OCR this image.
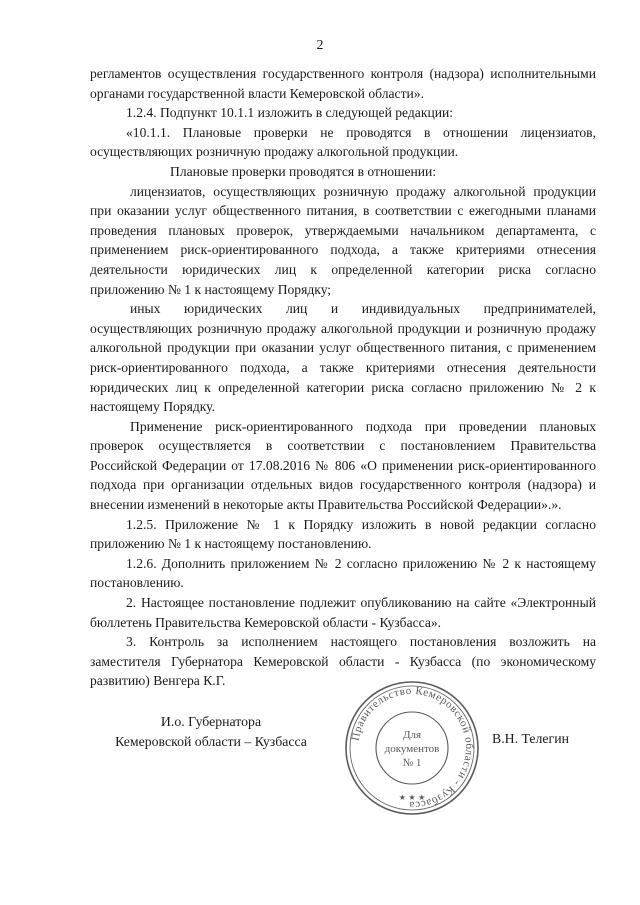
2

регламентов осуществления государственного контроля (надзора) исполнительными органами государственной власти Кемеровской области».

1.2.4. Подпункт 10.1.1 изложить в следующей редакции:

«10.1.1. Плановые проверки не проводятся в отношении лицензиатов, осуществляющих розничную продажу алкогольной продукции.

Плановые проверки проводятся в отношении:

лицензиатов, осуществляющих розничную продажу алкогольной продукции при оказании услуг общественного питания, в соответствии с ежегодными планами проведения плановых проверок, утверждаемыми начальником департамента, с применением риск-ориентированного подхода, а также критериями отнесения деятельности юридических лиц к определенной категории риска согласно приложению № 1 к настоящему Порядку;

иных юридических лиц и индивидуальных предпринимателей, осуществляющих розничную продажу алкогольной продукции и розничную продажу алкогольной продукции при оказании услуг общественного питания, с применением риск-ориентированного подхода, а также критериями отнесения деятельности юридических лиц к определенной категории риска согласно приложению № 2 к настоящему Порядку.

Применение риск-ориентированного подхода при проведении плановых проверок осуществляется в соответствии с постановлением Правительства Российской Федерации от 17.08.2016 № 806 «О применении риск-ориентированного подхода при организации отдельных видов государственного контроля (надзора) и внесении изменений в некоторые акты Правительства Российской Федерации».».

1.2.5. Приложение № 1 к Порядку изложить в новой редакции согласно приложению № 1 к настоящему постановлению.

1.2.6. Дополнить приложением № 2 согласно приложению № 2 к настоящему постановлению.

2. Настоящее постановление подлежит опубликованию на сайте «Электронный бюллетень Правительства Кемеровской области - Кузбасса».

3. Контроль за исполнением настоящего постановления возложить на заместителя Губернатора Кемеровской области - Кузбасса (по экономическому развитию) Венгера К.Г.

И.о. Губернатора
Кемеровской области – Кузбасса	В.Н. Телегин
Правительство Кемеровской области - Кузбасса
Для
документов
№ 1
★ ★ ★
